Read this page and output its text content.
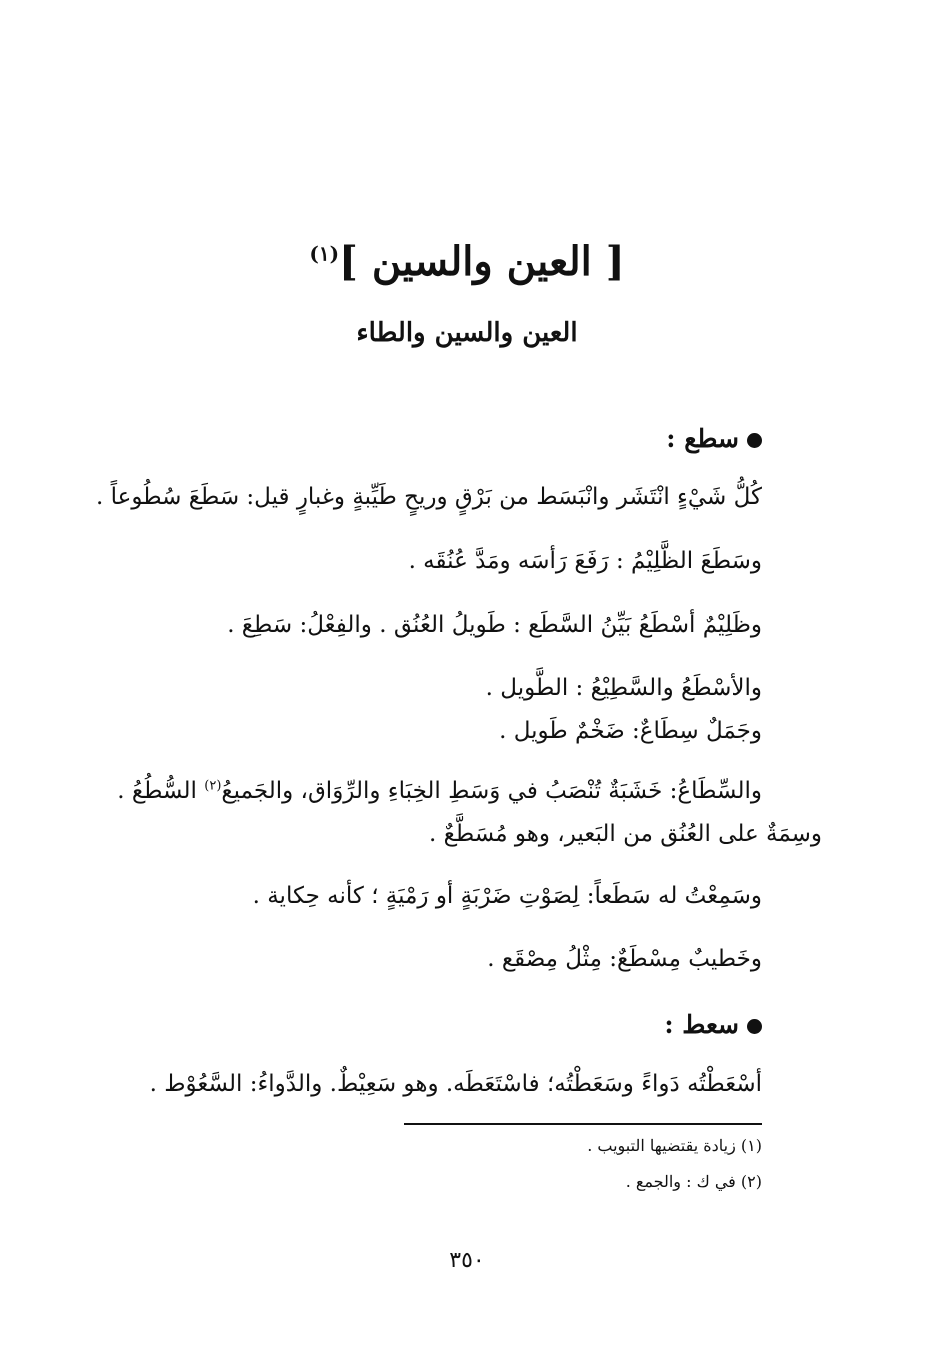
[ العين والسين ]$^{(١)}$
العين والسين والطاء
سطع :
كُلُّ شَيْءٍ انْتَشَر وانْبَسَط من بَرْقٍ وريحٍ طَيِّبةٍ وغبارٍ قيل: سَطَعَ سُطُوعاً .
وسَطَعَ الظَّلِيْمُ : رَفَعَ رَأسَه ومَدَّ عُنُقَه .
وظَلِيْمٌ أسْطَعُ بَيِّنُ السَّطَع : طَويلُ العُنُق . والفِعْلُ: سَطِعَ .
والأسْطَعُ والسَّطِيْعُ : الطَّويل .
وجَمَلٌ سِطَاعٌ: ضَخْمٌ طَويل .
والسِّطَاعُ: خَشَبَةٌ تُنْصَبُ في وَسَطِ الخِبَاءِ والرِّوَاق، والجَميعُ$^{(٢)}$ السُّطُعُ .
وسِمَةٌ على العُنُق من البَعير، وهو مُسَطَّعٌ .
وسَمِعْتُ له سَطَعاً: لِصَوْتِ ضَرْبَةٍ أو رَمْيَةٍ ؛ كأنه حِكاية .
وخَطيبٌ مِسْطَعٌ: مِثْلُ مِصْقَع .
سعط :
أسْعَطْتُه دَواءً وسَعَطْتُه؛ فاسْتَعَطَه. وهو سَعِيْطٌ. والدَّواءُ: السَّعُوْط .
(١) زيادة يقتضيها التبويب .
(٢) في ك : والجمع .
٣٥٠
